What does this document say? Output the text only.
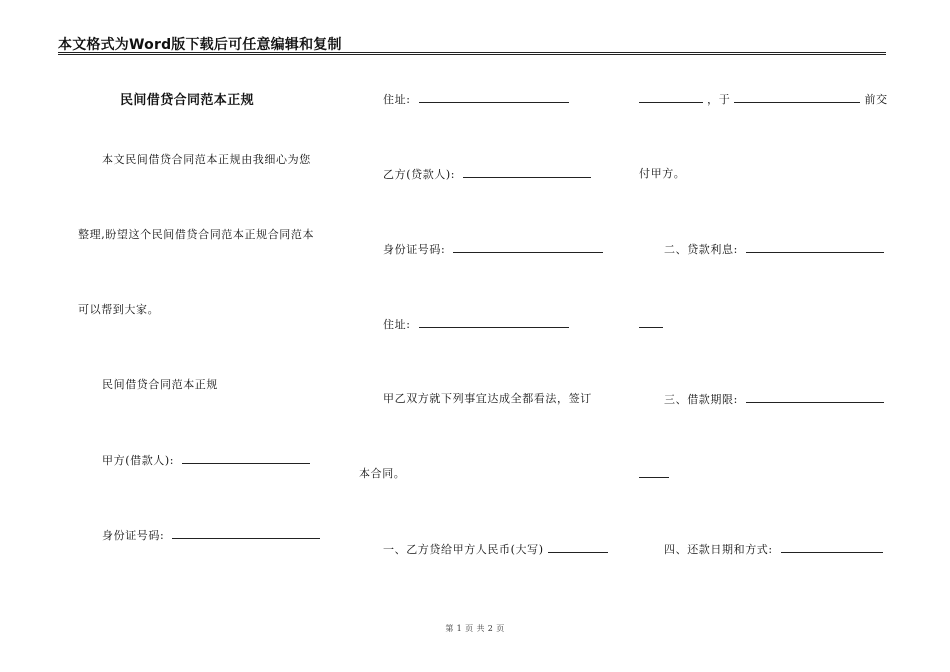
本文格式为Word版下载后可任意编辑和复制
民间借贷合同范本正规
本文民间借贷合同范本正规由我细心为您
整理,盼望这个民间借贷合同范本正规合同范本
可以帮到大家。
民间借贷合同范本正规
甲方(借款人):
身份证号码:
住址:
乙方(贷款人):
身份证号码:
住址:
甲乙双方就下列事宜达成全都看法，签订
本合同。
一、乙方贷给甲方人民币(大写)
，于	前交
付甲方。
二、贷款利息:
三、借款期限:
四、还款日期和方式:
第 1 页 共 2 页
